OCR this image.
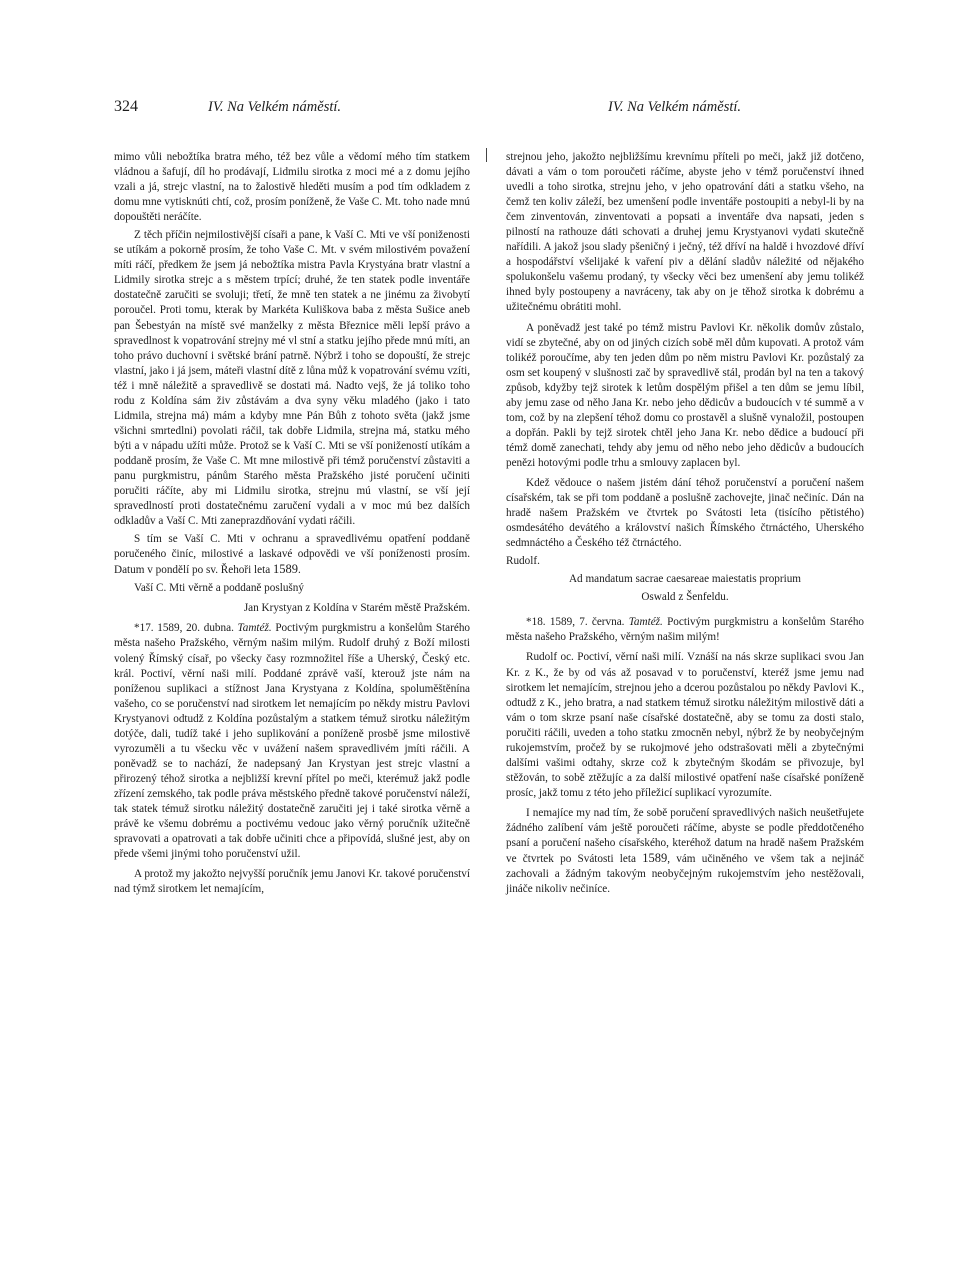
324	IV. Na Velkém náměstí.	IV. Na Velkém náměstí.

mimo vůli nebožtíka bratra mého, též bez vůle a vědomí mého tím statkem vládnou a šafují, díl ho prodávají, Lidmilu sirotka z moci mé a z domu jejího vzali a já, strejc vlastní, na to žalostivě hleděti musím a pod tím odkladem z domu mne vytisknúti chtí, což, prosím poníženě, že Vaše C. Mt. toho nade mnú dopouštěti neráčíte.

Z těch příčin nejmilostivější císaři a pane, k Vaší C. Mti ve vší poniženosti se utíkám a pokorně prosím, že toho Vaše C. Mt. v svém milostivém považení míti ráčí, předkem že jsem já nebožtíka mistra Pavla Krystyána bratr vlastní a Lidmily sirotka strejc a s městem trpící; druhé, že ten statek podle inventáře dostatečně zaručiti se svoluji; třetí, že mně ten statek a ne jinému za živobytí poroučel. Proti tomu, kterak by Markéta Kuliškova baba z města Sušice aneb pan Šebestyán na místě své manželky z města Březnice měli lepší právo a spravedlnost k vopatrování strejny mé vl stní a statku jejího přede mnú míti, an toho právo duchovní i světské brání patrně. Nýbrž i toho se dopouští, že strejc vlastní, jako i já jsem, máteři vlastní dítě z lůna můž k vopatrování svému vzíti, též i mně náležitě a spravedlivě se dostati má. Nadto vejš, že já toliko toho rodu z Koldína sám živ zůstávám a dva syny věku mladého (jako i tato Lidmila, strejna má) mám a kdyby mne Pán Bůh z tohoto světa (jakž jsme všichni smrtedlni) povolati ráčil, tak dobře Lidmila, strejna má, statku mého býti a v nápadu užíti může. Protož se k Vaší C. Mti se vší ponižeností utíkám a poddaně prosím, že Vaše C. Mt mne milostivě při témž poručenství zůstaviti a panu purgkmistru, pánům Starého města Pražského jisté poručení učiniti poručiti ráčíte, aby mi Lidmilu sirotka, strejnu mú vlastní, se vší její spravedlností proti dostatečnému zaručení vydali a v moc mú bez dalších odkladův a Vaší C. Mti zaneprazdňování vydati ráčili.

S tím se Vaší C. Mti v ochranu a spravedlivému opatření poddaně poručeného činíc, milostivé a laskavé odpovědi ve vší poníženosti prosím. Datum v pondělí po sv. Řehoři leta 1589.

Vaší C. Mti věrně a poddaně poslušný

Jan Krystyan z Koldína v Starém městě Pražském.

*17. 1589, 20. dubna. Tamtéž. Poctivým purgkmistru a konšelům Starého města našeho Pražského, věrným našim milým. Rudolf druhý z Boží milosti volený Římský císař, po všecky časy rozmnožitel říše a Uherský, Český etc. král. Poctiví, věrní naši milí. Poddané zprávě vaší, kterouž jste nám na poníženou suplikaci a stížnost Jana Krystyana z Koldína, spolumĕštěnína vašeho, co se poručenství nad sirotkem let nemajícím po někdy mistru Pavlovi Krystyanovi odtudž z Koldína pozůstalým a statkem témuž sirotku náležitým dotýče, dali, tudíž také i jeho suplikování a poníženě prosbě jsme milostivě vyrozuměli a tu všecku věc v uvážení našem spravedlivém jmíti ráčili. A poněvadž se to nachází, že nadepsaný Jan Krystyan jest strejc vlastní a přirozený téhož sirotka a nejbližší krevní přítel po meči, kterémuž jakž podle zřízení zemského, tak podle práva městského předně takové poručenství náleží, tak statek témuž sirotku náležitý dostatečně zaručiti jej i také sirotka věrně a právě ke všemu dobrému a poctivému vedouc jako věrný poručník užitečně spravovati a opatrovati a tak dobře učiniti chce a připovídá, slušné jest, aby on přede všemi jinými toho poručenství užil.

A protož my jakožto nejvyšší poručník jemu Janovi Kr. takové poručenství nad týmž sirotkem let nemajícím,

strejnou jeho, jakožto nejbližšímu krevnímu příteli po meči, jakž již dotčeno, dávati a vám o tom poroučeti ráčíme, abyste jeho v témž poručenství ihned uvedli a toho sirotka, strejnu jeho, v jeho opatrování dáti a statku všeho, na čemž ten koliv záleží, bez umenšení podle inventáře postoupiti a nebyl-li by na čem zinventován, zinventovati a popsati a inventáře dva napsati, jeden s pilností na rathouze dáti schovati a druhej jemu Krystyanovi vydati skutečně nařídili. A jakož jsou slady pšeničný i ječný, též dříví na haldě i hvozdové dříví a hospodářství všelijaké k vaření piv a dělání sladův náležité od nějakého spolukonšelu vašemu prodaný, ty všecky věci bez umenšení aby jemu tolikéž ihned byly postoupeny a navráceny, tak aby on je těhož sirotka k dobrému a užitečnému obrátiti mohl.

A poněvadž jest také po témž mistru Pavlovi Kr. několik domův zůstalo, vidí se zbytečné, aby on od jiných cizích sobě měl dům kupovati. A protož vám tolikéž poroučíme, aby ten jeden dům po něm mistru Pavlovi Kr. pozůstalý za osm set koupený v slušnosti zač by spravedlivě stál, prodán byl na ten a takový způsob, kdyžby tejž sirotek k letům dospělým přišel a ten dům se jemu líbil, aby jemu zase od něho Jana Kr. nebo jeho dědicův a budoucích v té summě a v tom, což by na zlepšení téhož domu co prostavěl a slušně vynaložil, postoupen a dopřán. Pakli by tejž sirotek chtěl jeho Jana Kr. nebo dědice a budoucí při témž domě zanechati, tehdy aby jemu od něho nebo jeho dědicův a budoucích penězi hotovými podle trhu a smlouvy zaplacen byl.

Kdež vědouce o našem jistém dání téhož poručenství a poručení našem císařském, tak se při tom poddaně a poslušně zachovejte, jinač nečiníc. Dán na hradě našem Pražském ve čtvrtek po Svátosti leta (tisícího pětistého) osmdesátého devátého a království našich Římského čtrnáctého, Uherského sedmnáctého a Českého též čtrnáctého.

Rudolf.

Ad mandatum sacrae caesareae maiestatis proprium

Oswald z Šenfeldu.

*18. 1589, 7. června. Tamtéž. Poctivým purgkmistru a konšelům Starého města našeho Pražského, věrným našim milým!

Rudolf oc. Poctiví, věrní naši milí. Vznáší na nás skrze suplikaci svou Jan Kr. z K., že by od vás až posavad v to poručenství, kteréž jsme jemu nad sirotkem let nemajícím, strejnou jeho a dcerou pozůstalou po někdy Pavlovi K., odtudž z K., jeho bratra, a nad statkem témuž sirotku náležitým milostivě dáti a vám o tom skrze psaní naše císařské dostatečně, aby se tomu za dosti stalo, poručiti ráčili, uveden a toho statku zmocněn nebyl, nýbrž že by neobyčejným rukojemstvím, pročež by se rukojmové jeho odstrašovati měli a zbytečnými dalšími vašimi odtahy, skrze což k zbytečným škodám se přivozuje, byl stěžován, to sobě ztěžujíc a za další milostivé opatření naše císařské poníženě prosíc, jakž tomu z této jeho příležicí suplikací vyrozumíte.

I nemajíce my nad tím, že sobě poručení spravedlivých našich neušetřujete žádného zalíbení vám ještě poroučeti ráčíme, abyste se podle předdotčeného psaní a poručení našeho císařského, kteréhož datum na hradě našem Pražském ve čtvrtek po Svátosti leta 1589, vám učiněného ve všem tak a nejináč zachovali a žádným takovým neobyčejným rukojemstvím jeho nestěžovali, jináče nikoliv nečiníce.
